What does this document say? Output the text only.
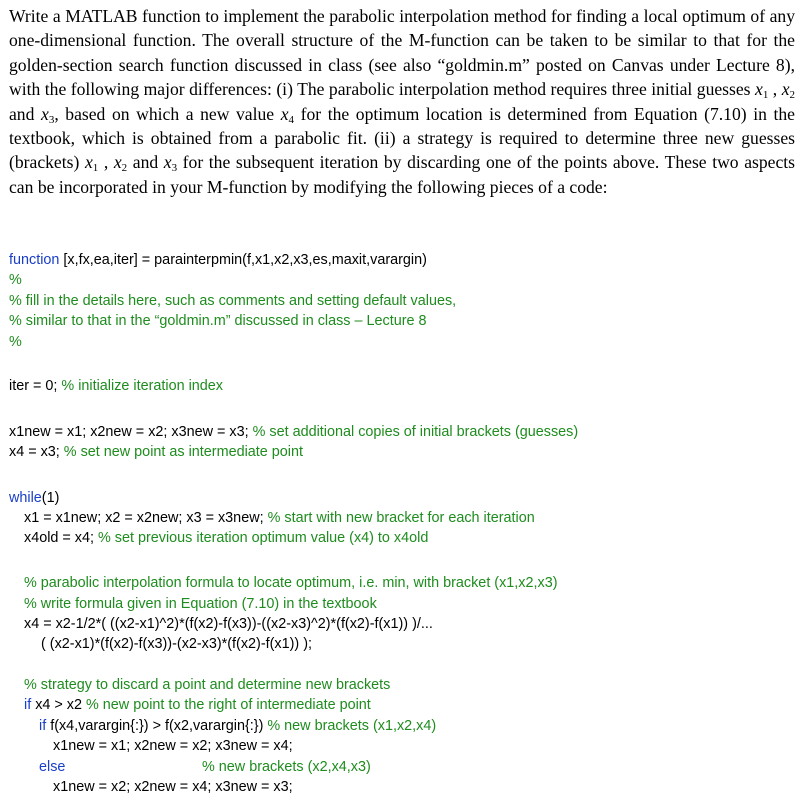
Write a MATLAB function to implement the parabolic interpolation method for finding a local optimum of any one-dimensional function. The overall structure of the M-function can be taken to be similar to that for the golden-section search function discussed in class (see also “goldmin.m” posted on Canvas under Lecture 8), with the following major differences: (i) The parabolic interpolation method requires three initial guesses $x_1$ , $x_2$ and $x_3$, based on which a new value $x_4$ for the optimum location is determined from Equation (7.10) in the textbook, which is obtained from a parabolic fit. (ii) a strategy is required to determine three new guesses (brackets) $x_1$ , $x_2$ and $x_3$ for the subsequent iteration by discarding one of the points above. These two aspects can be incorporated in your M-function by modifying the following pieces of a code:

function [x,fx,ea,iter] = parainterpmin(f,x1,x2,x3,es,maxit,varargin)
%
% fill in the details here, such as comments and setting default values,
% similar to that in the “goldmin.m” discussed in class – Lecture 8
%
iter = 0; % initialize iteration index
x1new = x1; x2new = x2; x3new = x3; % set additional copies of initial brackets (guesses)
x4 = x3; % set new point as intermediate point
while(1)
x1 = x1new; x2 = x2new; x3 = x3new; % start with new bracket for each iteration
x4old = x4; % set previous iteration optimum value (x4) to x4old
% parabolic interpolation formula to locate optimum, i.e. min, with bracket (x1,x2,x3)
% write formula given in Equation (7.10) in the textbook
x4 = x2-1/2*( ((x2-x1)^2)*(f(x2)-f(x3))-((x2-x3)^2)*(f(x2)-f(x1)) )/...
( (x2-x1)*(f(x2)-f(x3))-(x2-x3)*(f(x2)-f(x1)) );
% strategy to discard a point and determine new brackets
if x4 > x2 % new point to the right of intermediate point
if f(x4,varargin{:}) > f(x2,varargin{:}) % new brackets (x1,x2,x4)
x1new = x1; x2new = x2; x3new = x4;
else	% new brackets (x2,x4,x3)
x1new = x2; x2new = x4; x3new = x3;
